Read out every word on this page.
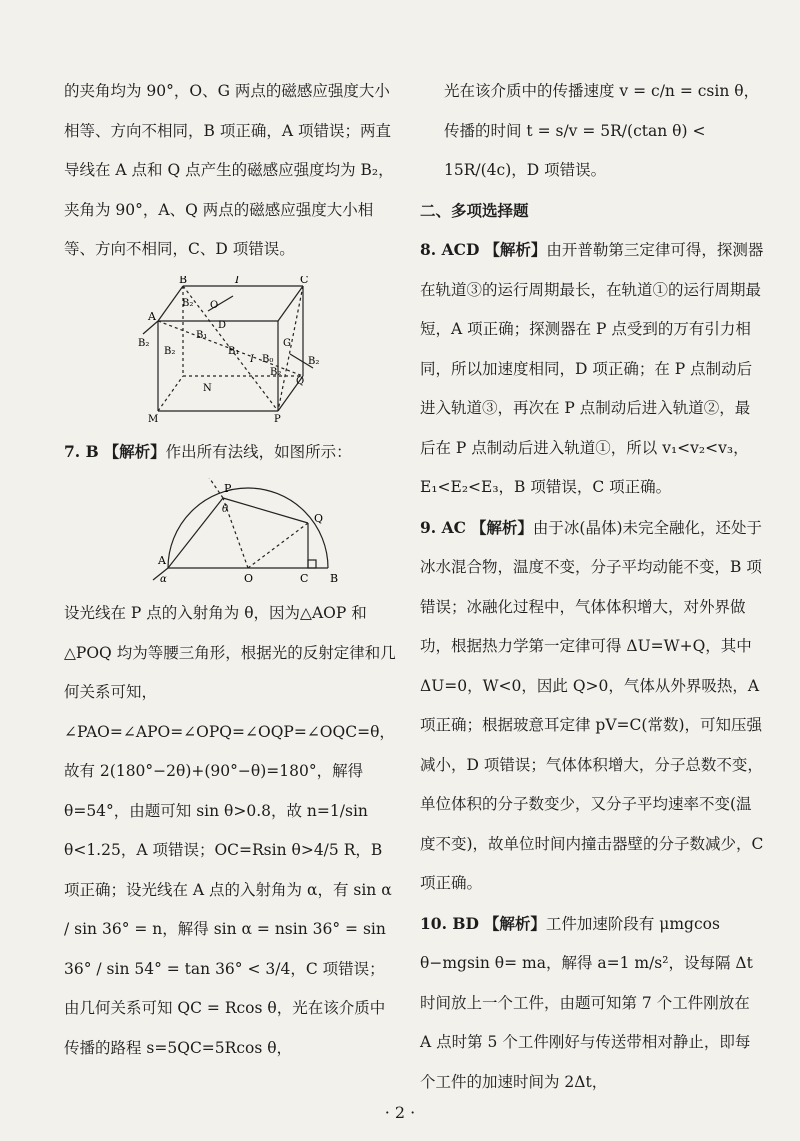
的夹角均为 90°，O、G 两点的磁感应强度大小相等、方向不相同，B 项正确，A 项错误；两直导线在 A 点和 Q 点产生的磁感应强度均为 B₂，夹角为 90°，A、Q 两点的磁感应强度大小相等、方向不相同，C、D 项错误。

B	I	C
B₂ O
A
D
B₁
B₂
B₂
G
B₁
I B₀
B₂
B₂
N
Q
M	P

7. B 【解析】作出所有法线，如图所示：

P
θ
Q
A
α	O	C B

设光线在 P 点的入射角为 θ，因为△AOP 和△POQ 均为等腰三角形，根据光的反射定律和几何关系可知，∠PAO=∠APO=∠OPQ=∠OQP=∠OQC=θ，故有 2(180°−2θ)+(90°−θ)=180°，解得 θ=54°，由题可知 sin θ>0.8，故 n=1/sin θ<1.25，A 项错误；OC=Rsin θ>4/5 R，B 项正确；设光线在 A 点的入射角为 α，有 sin α / sin 36° = n，解得 sin α = nsin 36° = sin 36° / sin 54° = tan 36° < 3/4，C 项错误；由几何关系可知 QC = Rcos θ，光在该介质中传播的路程 s=5QC=5Rcos θ，

光在该介质中的传播速度 v = c/n = csin θ，传播的时间 t = s/v = 5R/(ctan θ) < 15R/(4c)，D 项错误。

二、多项选择题

8. ACD 【解析】由开普勒第三定律可得，探测器在轨道③的运行周期最长，在轨道①的运行周期最短，A 项正确；探测器在 P 点受到的万有引力相同，所以加速度相同，D 项正确；在 P 点制动后进入轨道③，再次在 P 点制动后进入轨道②，最后在 P 点制动后进入轨道①，所以 v₁<v₂<v₃，E₁<E₂<E₃，B 项错误，C 项正确。

9. AC 【解析】由于冰(晶体)未完全融化，还处于冰水混合物，温度不变，分子平均动能不变，B 项错误；冰融化过程中，气体体积增大，对外界做功，根据热力学第一定律可得 ΔU=W+Q，其中 ΔU=0，W<0，因此 Q>0，气体从外界吸热，A 项正确；根据玻意耳定律 pV=C(常数)，可知压强减小，D 项错误；气体体积增大，分子总数不变，单位体积的分子数变少，又分子平均速率不变(温度不变)，故单位时间内撞击器壁的分子数减少，C 项正确。

10. BD 【解析】工件加速阶段有 μmgcos θ−mgsin θ= ma，解得 a=1 m/s²，设每隔 Δt 时间放上一个工件，由题可知第 7 个工件刚放在 A 点时第 5 个工件刚好与传送带相对静止，即每个工件的加速时间为 2Δt，

· 2 ·
